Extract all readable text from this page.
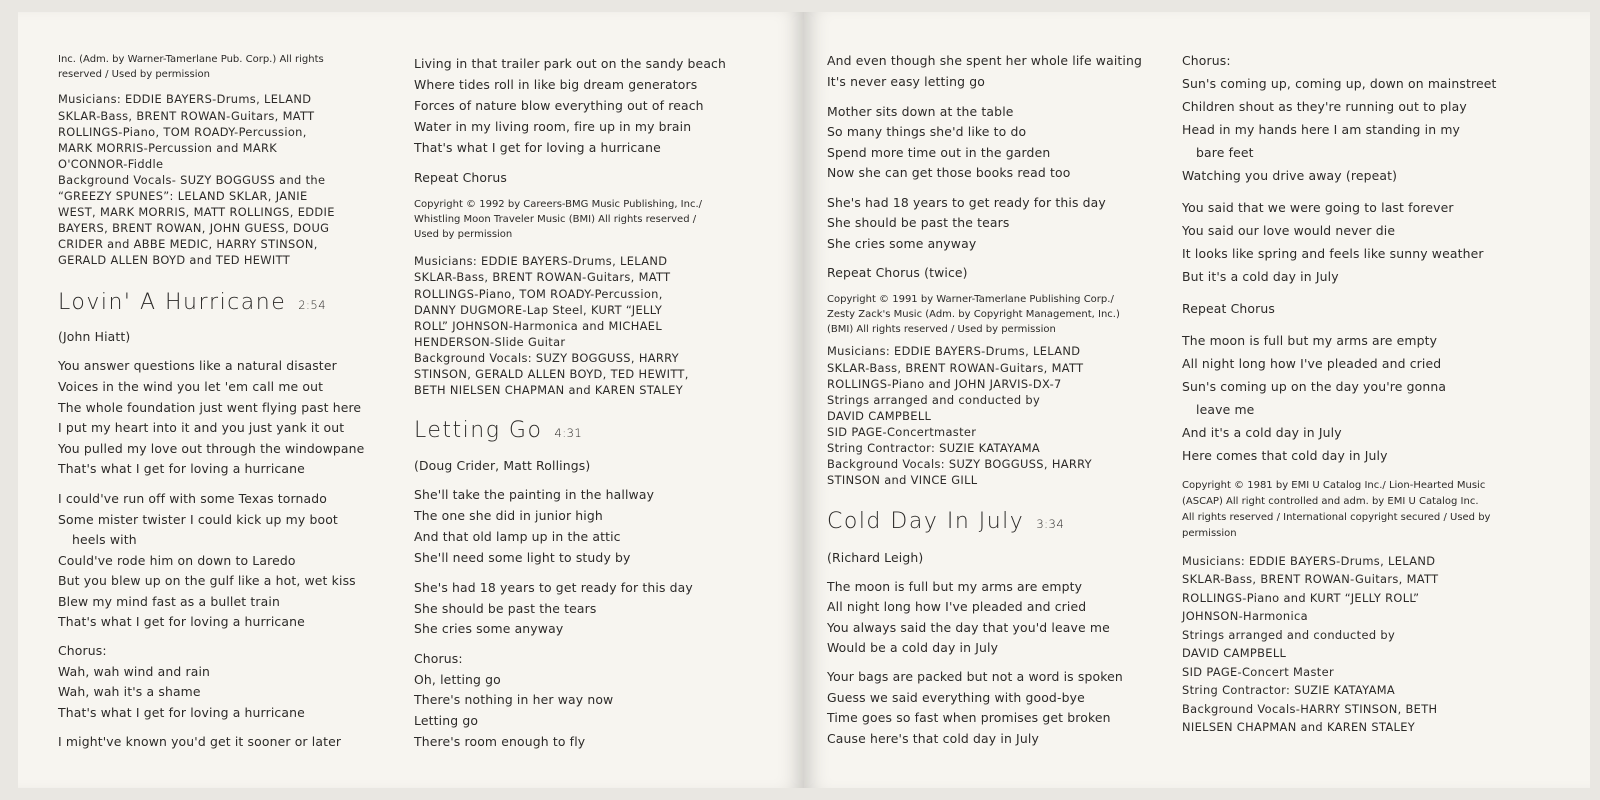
Inc. (Adm. by Warner-Tamerlane Pub. Corp.) All rights
reserved / Used by permission
Musicians: EDDIE BAYERS-Drums, LELAND
SKLAR-Bass, BRENT ROWAN-Guitars, MATT
ROLLINGS-Piano, TOM ROADY-Percussion,
MARK MORRIS-Percussion and MARK
O'CONNOR-Fiddle
Background Vocals- SUZY BOGGUSS and the
“GREEZY SPUNES”: LELAND SKLAR, JANIE
WEST, MARK MORRIS, MATT ROLLINGS, EDDIE
BAYERS, BRENT ROWAN, JOHN GUESS, DOUG
CRIDER and ABBE MEDIC, HARRY STINSON,
GERALD ALLEN BOYD and TED HEWITT
Lovin' A Hurricane 2:54
(John Hiatt)
You answer questions like a natural disaster
Voices in the wind you let 'em call me out
The whole foundation just went flying past here
I put my heart into it and you just yank it out
You pulled my love out through the windowpane
That's what I get for loving a hurricane
I could've run off with some Texas tornado
Some mister twister I could kick up my boot
heels with
Could've rode him on down to Laredo
But you blew up on the gulf like a hot, wet kiss
Blew my mind fast as a bullet train
That's what I get for loving a hurricane
Chorus:
Wah, wah wind and rain
Wah, wah it's a shame
That's what I get for loving a hurricane
I might've known you'd get it sooner or later
Living in that trailer park out on the sandy beach
Where tides roll in like big dream generators
Forces of nature blow everything out of reach
Water in my living room, fire up in my brain
That's what I get for loving a hurricane
Repeat Chorus
Copyright © 1992 by Careers-BMG Music Publishing, Inc./
Whistling Moon Traveler Music (BMI) All rights reserved /
Used by permission
Musicians: EDDIE BAYERS-Drums, LELAND
SKLAR-Bass, BRENT ROWAN-Guitars, MATT
ROLLINGS-Piano, TOM ROADY-Percussion,
DANNY DUGMORE-Lap Steel, KURT “JELLY
ROLL” JOHNSON-Harmonica and MICHAEL
HENDERSON-Slide Guitar
Background Vocals: SUZY BOGGUSS, HARRY
STINSON, GERALD ALLEN BOYD, TED HEWITT,
BETH NIELSEN CHAPMAN and KAREN STALEY
Letting Go 4:31
(Doug Crider, Matt Rollings)
She'll take the painting in the hallway
The one she did in junior high
And that old lamp up in the attic
She'll need some light to study by
She's had 18 years to get ready for this day
She should be past the tears
She cries some anyway
Chorus:
Oh, letting go
There's nothing in her way now
Letting go
There's room enough to fly
And even though she spent her whole life waiting
It's never easy letting go
Mother sits down at the table
So many things she'd like to do
Spend more time out in the garden
Now she can get those books read too
She's had 18 years to get ready for this day
She should be past the tears
She cries some anyway
Repeat Chorus (twice)
Copyright © 1991 by Warner-Tamerlane Publishing Corp./
Zesty Zack's Music (Adm. by Copyright Management, Inc.)
(BMI) All rights reserved / Used by permission
Musicians: EDDIE BAYERS-Drums, LELAND
SKLAR-Bass, BRENT ROWAN-Guitars, MATT
ROLLINGS-Piano and JOHN JARVIS-DX-7
Strings arranged and conducted by
DAVID CAMPBELL
SID PAGE-Concertmaster
String Contractor: SUZIE KATAYAMA
Background Vocals: SUZY BOGGUSS, HARRY
STINSON and VINCE GILL
Cold Day In July 3:34
(Richard Leigh)
The moon is full but my arms are empty
All night long how I've pleaded and cried
You always said the day that you'd leave me
Would be a cold day in July
Your bags are packed but not a word is spoken
Guess we said everything with good-bye
Time goes so fast when promises get broken
Cause here's that cold day in July
Chorus:
Sun's coming up, coming up, down on mainstreet
Children shout as they're running out to play
Head in my hands here I am standing in my
bare feet
Watching you drive away (repeat)
You said that we were going to last forever
You said our love would never die
It looks like spring and feels like sunny weather
But it's a cold day in July
Repeat Chorus
The moon is full but my arms are empty
All night long how I've pleaded and cried
Sun's coming up on the day you're gonna
leave me
And it's a cold day in July
Here comes that cold day in July
Copyright © 1981 by EMI U Catalog Inc./ Lion-Hearted Music
(ASCAP) All right controlled and adm. by EMI U Catalog Inc.
All rights reserved / International copyright secured / Used by
permission
Musicians: EDDIE BAYERS-Drums, LELAND
SKLAR-Bass, BRENT ROWAN-Guitars, MATT
ROLLINGS-Piano and KURT “JELLY ROLL”
JOHNSON-Harmonica
Strings arranged and conducted by
DAVID CAMPBELL
SID PAGE-Concert Master
String Contractor: SUZIE KATAYAMA
Background Vocals-HARRY STINSON, BETH
NIELSEN CHAPMAN and KAREN STALEY
